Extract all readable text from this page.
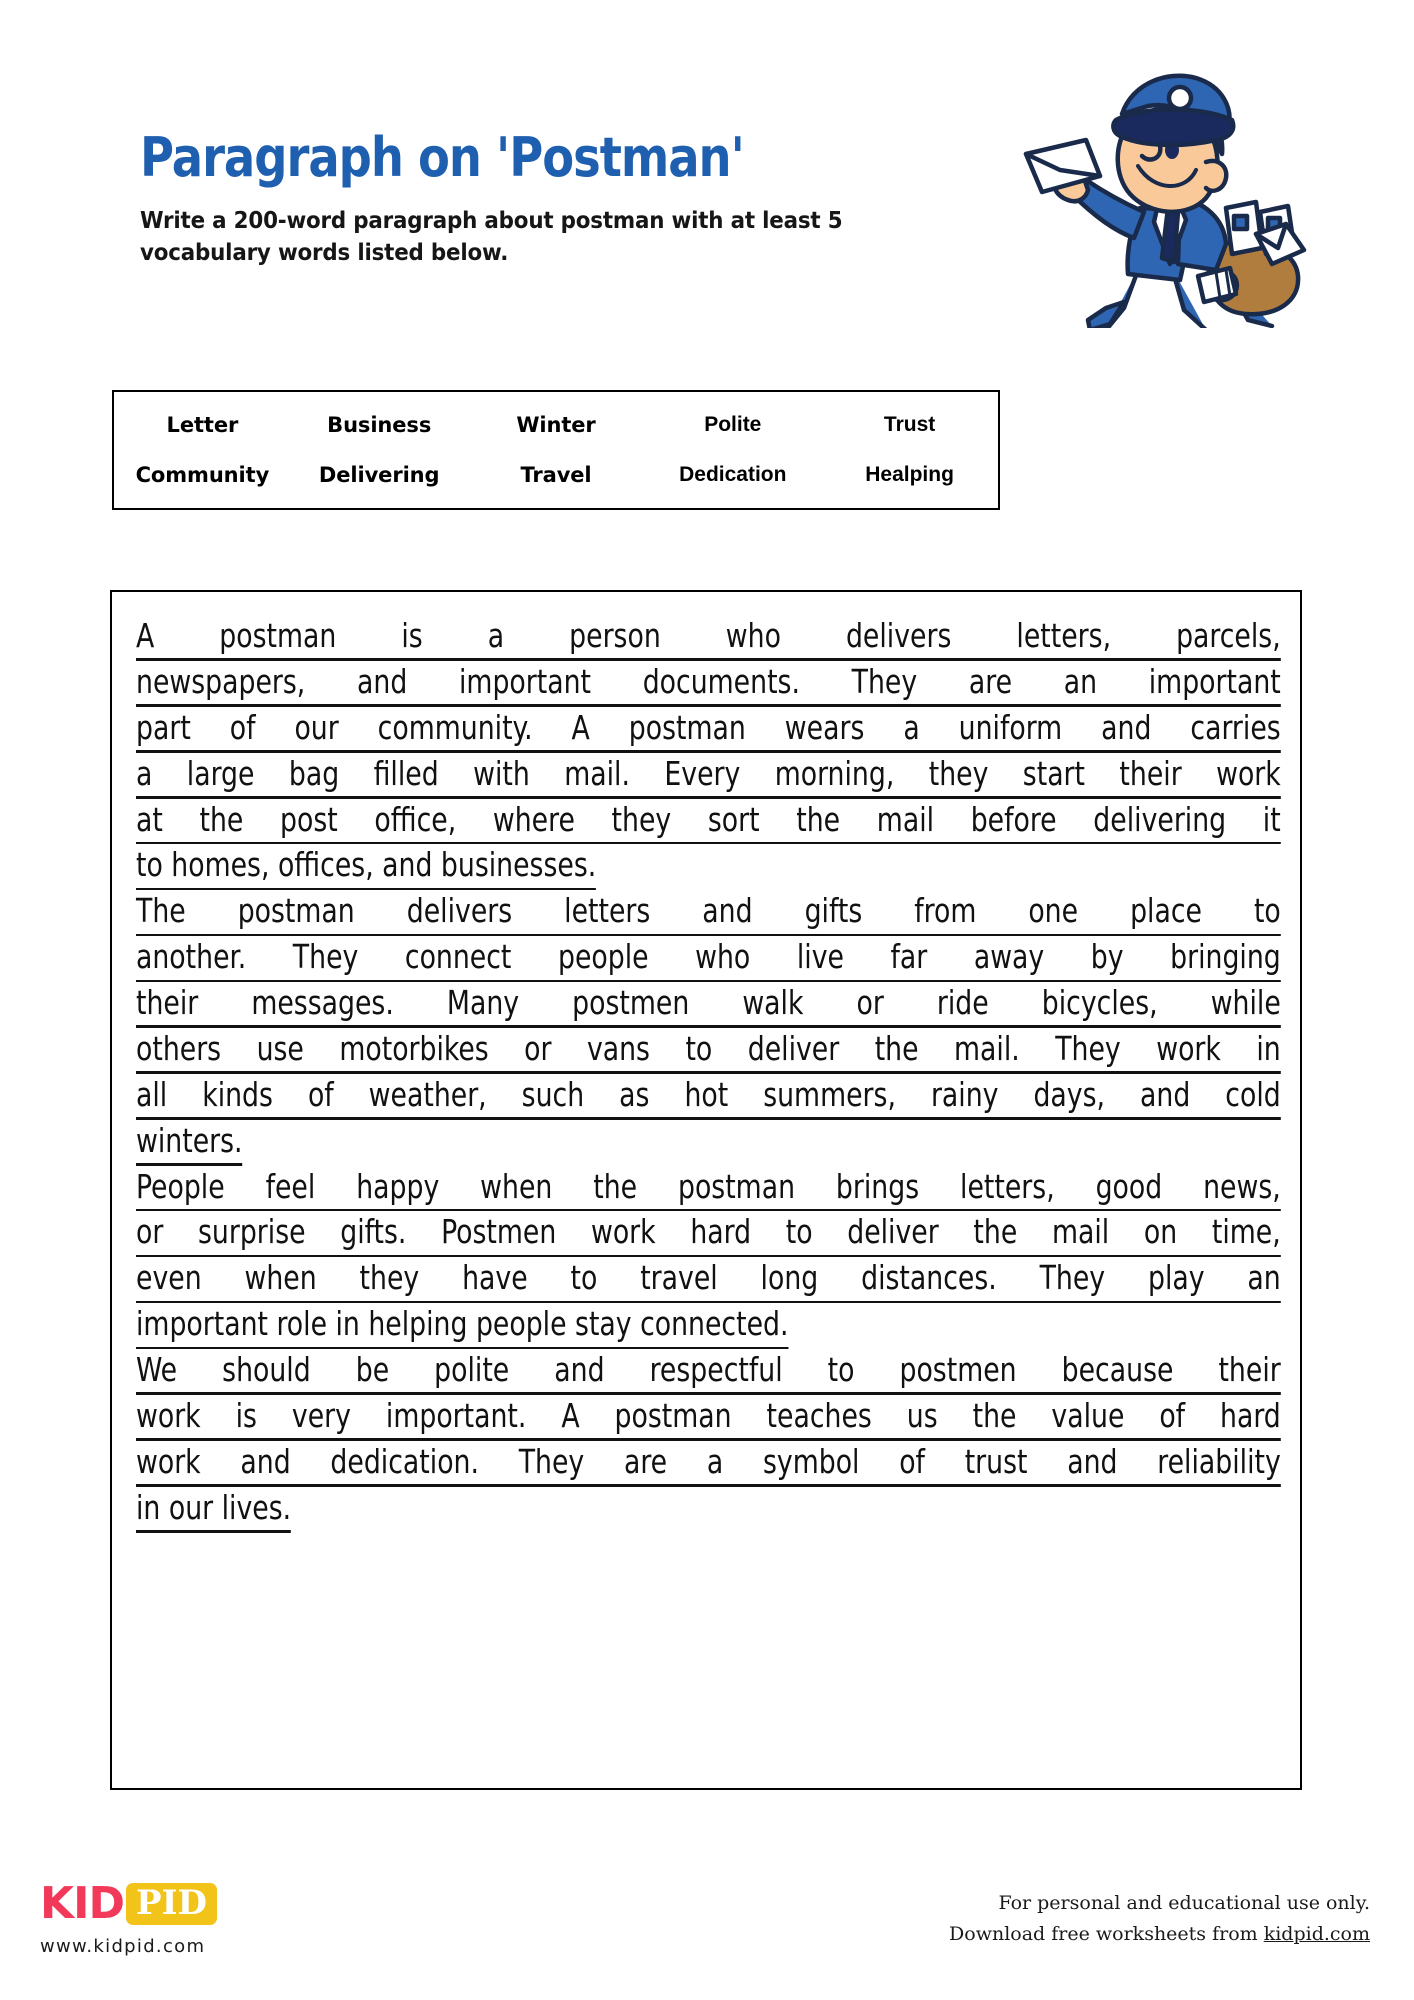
Paragraph on 'Postman'

Write a 200-word paragraph about postman with at least 5 vocabulary words listed below.

Letter	Business	Winter	Polite	Trust
Community	Delivering	Travel	Dedication	Healping
A postman is a person who delivers letters, parcels,
newspapers, and important documents. They are an important
part of our community. A postman wears a uniform and carries
a large bag filled with mail. Every morning, they start their work
at the post office, where they sort the mail before delivering it
to homes, offices, and businesses.
The postman delivers letters and gifts from one place to
another. They connect people who live far away by bringing
their messages. Many postmen walk or ride bicycles, while
others use motorbikes or vans to deliver the mail. They work in
all kinds of weather, such as hot summers, rainy days, and cold
winters.
People feel happy when the postman brings letters, good news,
or surprise gifts. Postmen work hard to deliver the mail on time,
even when they have to travel long distances. They play an
important role in helping people stay connected.
We should be polite and respectful to postmen because their
work is very important. A postman teaches us the value of hard
work and dedication. They are a symbol of trust and reliability
in our lives.
KID PID
www.kidpid.com
For personal and educational use only.
Download free worksheets from kidpid.com
